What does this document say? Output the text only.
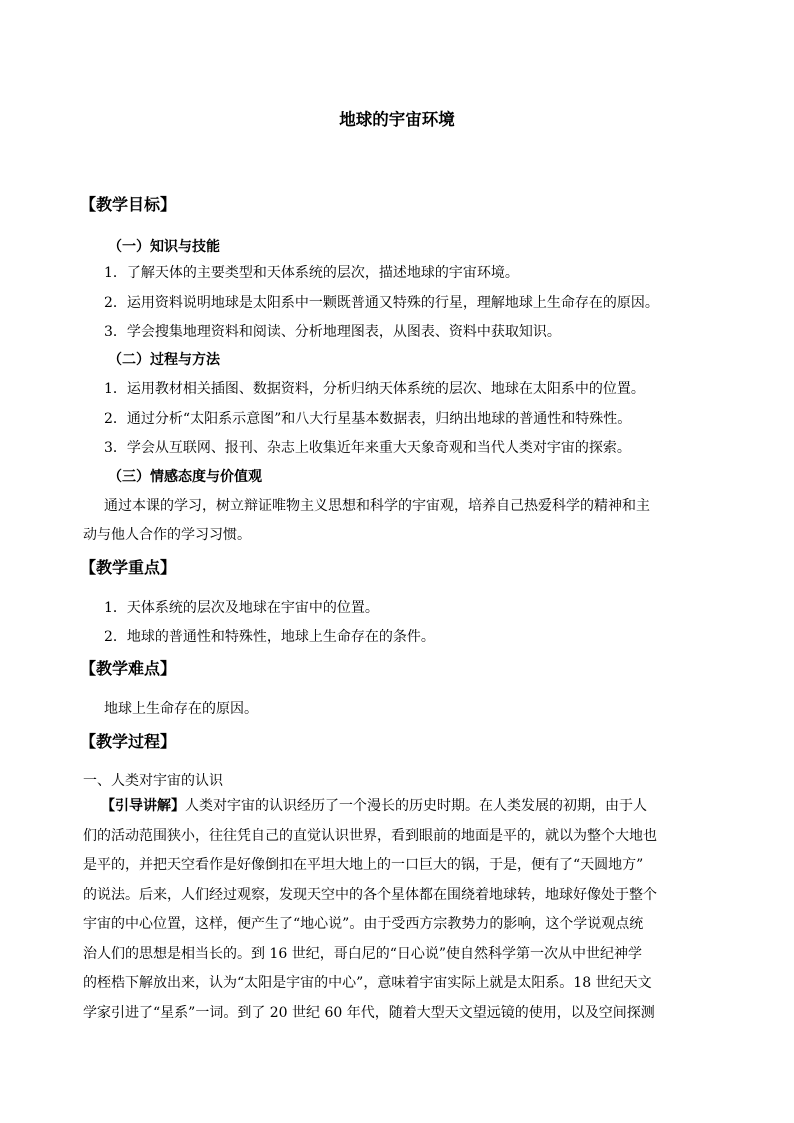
地球的宇宙环境
【教学目标】
（一）知识与技能
1．了解天体的主要类型和天体系统的层次，描述地球的宇宙环境。
2．运用资料说明地球是太阳系中一颗既普通又特殊的行星，理解地球上生命存在的原因。
3．学会搜集地理资料和阅读、分析地理图表，从图表、资料中获取知识。
（二）过程与方法
1．运用教材相关插图、数据资料，分析归纳天体系统的层次、地球在太阳系中的位置。
2．通过分析“太阳系示意图”和八大行星基本数据表，归纳出地球的普通性和特殊性。
3．学会从互联网、报刊、杂志上收集近年来重大天象奇观和当代人类对宇宙的探索。
（三）情感态度与价值观
通过本课的学习，树立辩证唯物主义思想和科学的宇宙观，培养自己热爱科学的精神和主
动与他人合作的学习习惯。
【教学重点】
1．天体系统的层次及地球在宇宙中的位置。
2．地球的普通性和特殊性，地球上生命存在的条件。
【教学难点】
地球上生命存在的原因。
【教学过程】
一、人类对宇宙的认识
【引导讲解】人类对宇宙的认识经历了一个漫长的历史时期。在人类发展的初期，由于人
们的活动范围狭小，往往凭自己的直觉认识世界，看到眼前的地面是平的，就以为整个大地也
是平的，并把天空看作是好像倒扣在平坦大地上的一口巨大的锅，于是，便有了“天圆地方”
的说法。后来，人们经过观察，发现天空中的各个星体都在围绕着地球转，地球好像处于整个
宇宙的中心位置，这样，便产生了“地心说”。由于受西方宗教势力的影响，这个学说观点统
治人们的思想是相当长的。到 16 世纪，哥白尼的“日心说”使自然科学第一次从中世纪神学
的桎梏下解放出来，认为“太阳是宇宙的中心”，意味着宇宙实际上就是太阳系。18 世纪天文
学家引进了“星系”一词。到了 20 世纪 60 年代，随着大型天文望远镜的使用，以及空间探测
